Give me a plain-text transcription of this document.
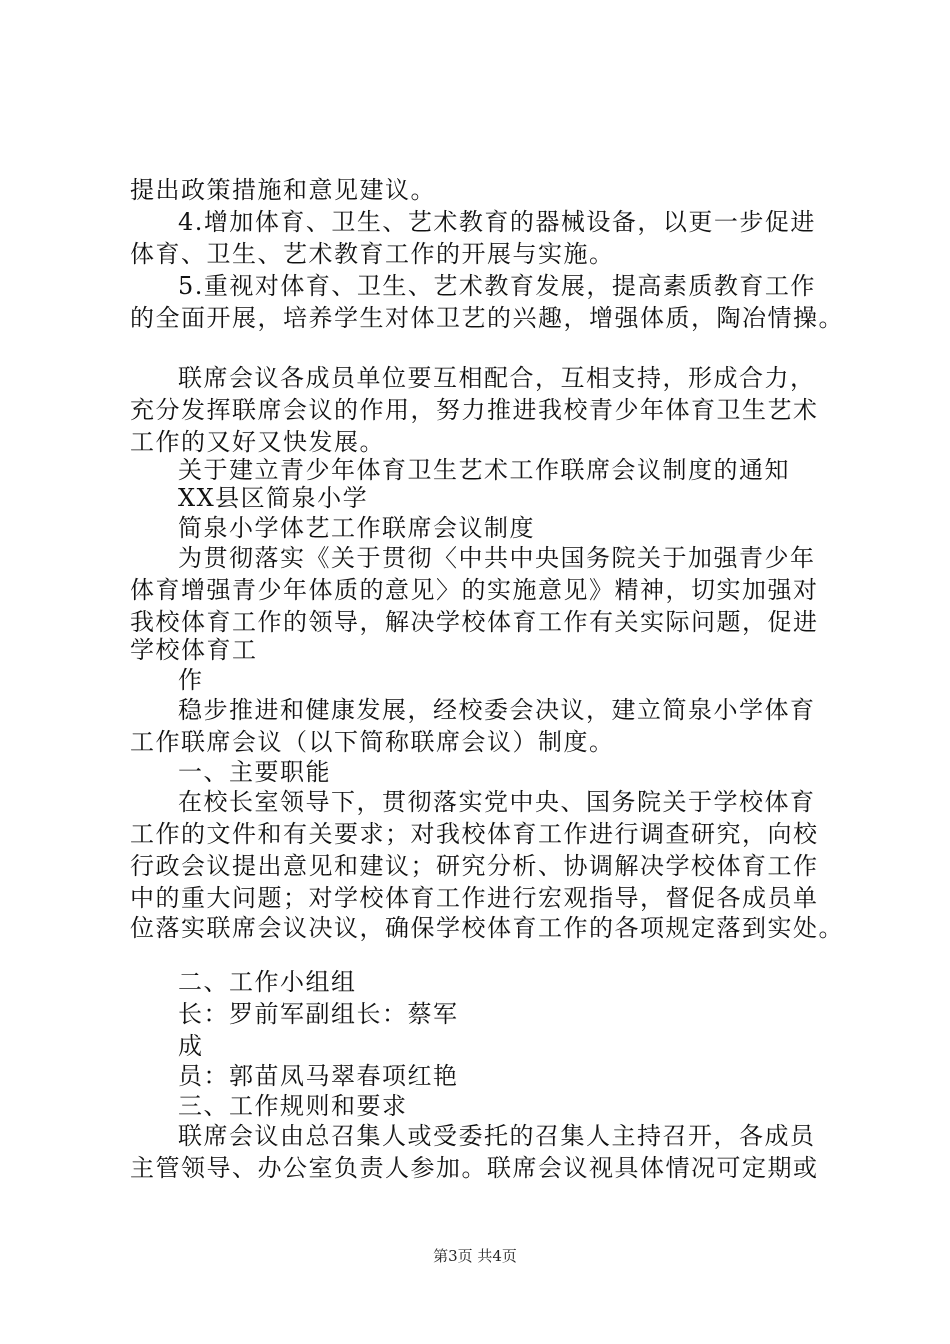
提出政策措施和意见建议。
4.增加体育、卫生、艺术教育的器械设备，以更一步促进
体育、卫生、艺术教育工作的开展与实施。
5.重视对体育、卫生、艺术教育发展，提高素质教育工作
的全面开展，培养学生对体卫艺的兴趣，增强体质，陶冶情操。
联席会议各成员单位要互相配合，互相支持，形成合力，
充分发挥联席会议的作用，努力推进我校青少年体育卫生艺术
工作的又好又快发展。
关于建立青少年体育卫生艺术工作联席会议制度的通知
XX县区简泉小学
简泉小学体艺工作联席会议制度
为贯彻落实《关于贯彻〈中共中央国务院关于加强青少年
体育增强青少年体质的意见〉的实施意见》精神，切实加强对
我校体育工作的领导，解决学校体育工作有关实际问题，促进
学校体育工
作
稳步推进和健康发展，经校委会决议，建立简泉小学体育
工作联席会议（以下简称联席会议）制度。
一、主要职能
在校长室领导下，贯彻落实党中央、国务院关于学校体育
工作的文件和有关要求；对我校体育工作进行调查研究，向校
行政会议提出意见和建议；研究分析、协调解决学校体育工作
中的重大问题；对学校体育工作进行宏观指导，督促各成员单
位落实联席会议决议，确保学校体育工作的各项规定落到实处。
二、工作小组组
长：罗前军副组长：蔡军
成
员：郭苗凤马翠春项红艳
三、工作规则和要求
联席会议由总召集人或受委托的召集人主持召开，各成员
主管领导、办公室负责人参加。联席会议视具体情况可定期或
第3页 共4页
